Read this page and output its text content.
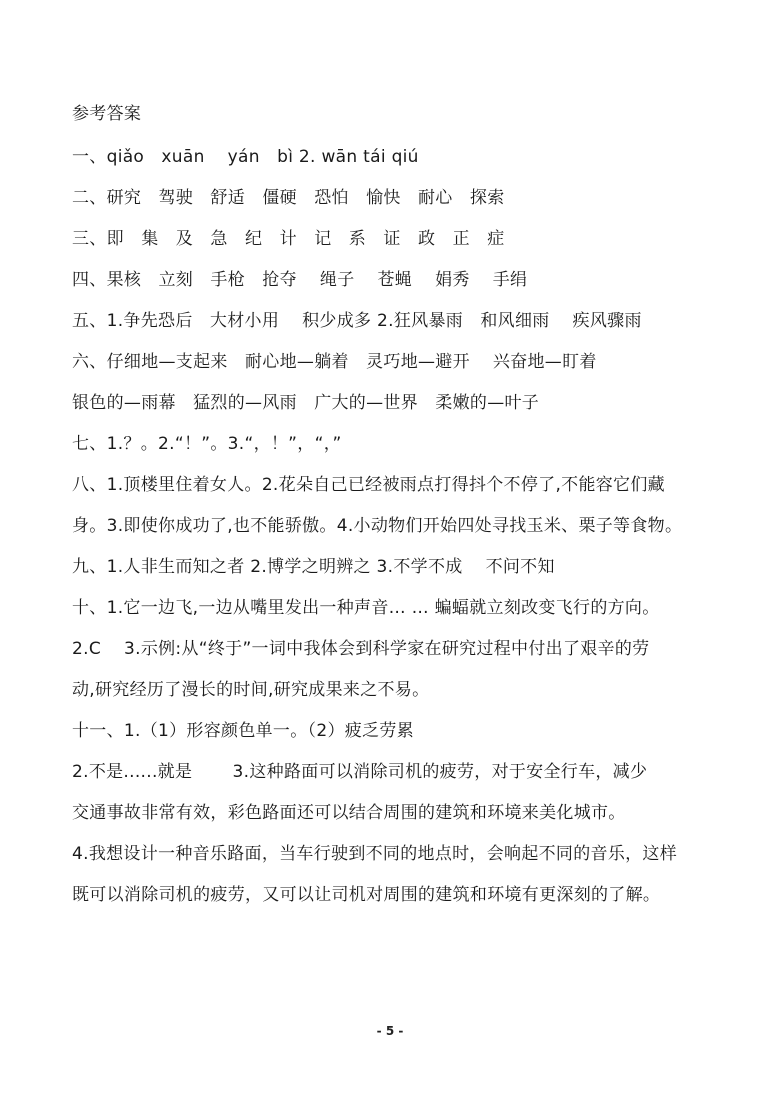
参考答案
一、qiǎo　xuān　 yán　bì 2. wān tái qiú
二、研究　驾驶　舒适　僵硬　恐怕　愉快　耐心　探索
三、即　集　及　急　纪　计　记　系　证　政　正　症
四、果核　立刻　手枪　抢夺　 绳子　 苍蝇　 娟秀　 手绢
五、1.争先恐后　大材小用　 积少成多 2.狂风暴雨　和风细雨　 疾风骤雨
六、仔细地—支起来　耐心地—躺着　灵巧地—避开　 兴奋地—盯着
银色的—雨幕　猛烈的—风雨　广大的—世界　柔嫩的—叶子
七、1.？。2.“！”。3.“，！”，“，”
八、1.顶楼里住着女人。2.花朵自己已经被雨点打得抖个不停了,不能容它们藏
身。3.即使你成功了,也不能骄傲。4.小动物们开始四处寻找玉米、栗子等食物。
九、1.人非生而知之者 2.博学之明辨之 3.不学不成　 不问不知
十、1.它一边飞,一边从嘴里发出一种声音… … 蝙蝠就立刻改变飞行的方向。
2.C　 3.示例:从“终于”一词中我体会到科学家在研究过程中付出了艰辛的劳
动,研究经历了漫长的时间,研究成果来之不易。
十一、1.（1）形容颜色单一。（2）疲乏劳累
2.不是......就是　　 3.这种路面可以消除司机的疲劳，对于安全行车，减少
交通事故非常有效，彩色路面还可以结合周围的建筑和环境来美化城市。
4.我想设计一种音乐路面，当车行驶到不同的地点时，会响起不同的音乐，这样
既可以消除司机的疲劳，又可以让司机对周围的建筑和环境有更深刻的了解。
- 5 -
